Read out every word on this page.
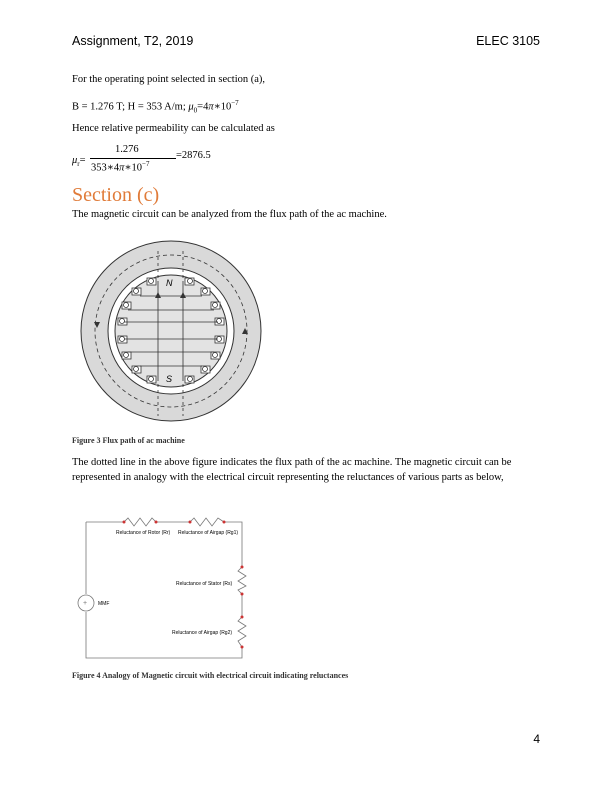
Assignment, T2, 2019	ELEC 3105
For the operating point selected in section (a),
B = 1.276 T; H = 353 A/m; $\mu_0=4\pi∗10^{-7}$
Hence relative permeability can be calculated as
$\mu_r=$
1.276
$353∗4\pi∗10^{-7}$
=2876.5
Section (c)
The magnetic circuit can be analyzed from the flux path of the ac machine.
N
S
Figure 3 Flux path of ac machine
The dotted line in the above figure indicates the flux path of the ac machine. The magnetic circuit can be represented in analogy with the electrical circuit representing the reluctances of various parts as below,
+
Reluctance of Rotor (Rr) Reluctance of Airgap (Rg1)
Reluctance of Stator (Rs)
Reluctance of Airgap (Rg2)
MMF
Figure 4 Analogy of Magnetic circuit with electrical circuit indicating reluctances
4
